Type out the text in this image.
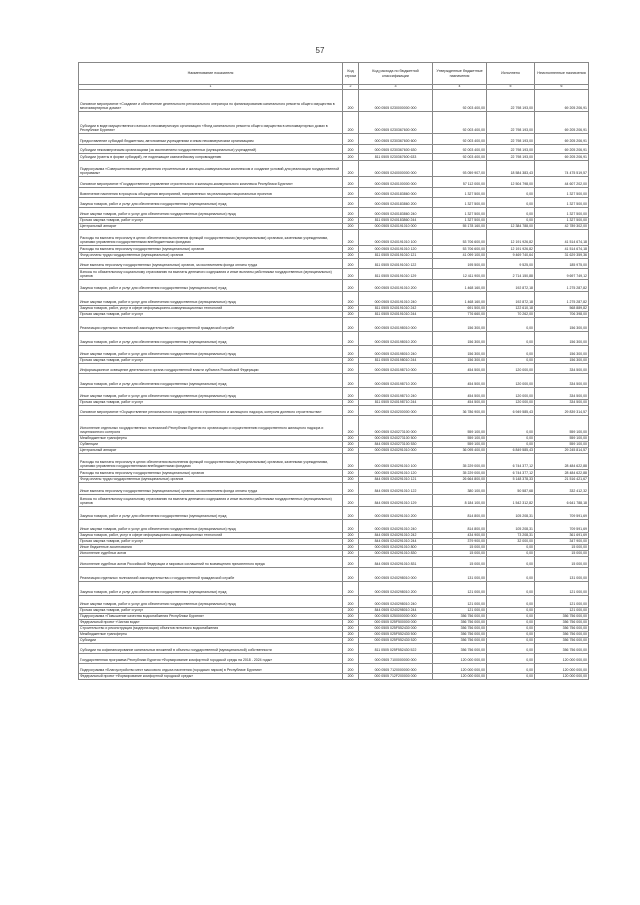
57
Наименование показателя	Код строки	Код расхода по бюджетной классификации	Утвержденные бюджетные назначения	Исполнено	Неисполненные назначения
1	2	3	4	5	6
Основное мероприятие «Создание и обеспечение деятельности регионального оператора по финансированию капитального ремонта общего имущества в многоквартирных домах»	200	000 0505 0230000000 000	92 003 400,00	22 798 193,00	69 205 206,91
Субсидии в виде имущественного взноса в некоммерческую организацию «Фонд капитального ремонта общего имущества в многоквартирных домах в Республике Бурятия»	200	000 0505 0230367600 000	92 003 400,00	22 798 193,00	69 205 206,91
Предоставление субсидий бюджетным, автономным учреждениям и иным некоммерческим организациям	200	000 0505 0230367600 600	92 003 400,00	22 798 193,00	69 205 206,91
Субсидии некоммерческим организациям (за исключением государственных (муниципальных) учреждений)	200	000 0505 0230367600 630	92 003 400,00	22 798 193,00	69 205 206,91
Субсидии (гранты в форме субсидий), не подлежащие казначейскому сопровождению	200	811 0505 0230367600 633	92 003 400,00	22 798 193,00	69 205 206,91
Подпрограмма «Совершенствование управления строительным и жилищно-коммунальным комплексом и создание условий для реализации государственной программы»	200	000 0505 0240000000 000	93 059 907,00	18 584 383,43	74 475 519,57
Основное мероприятие «Государственное управление строительного и жилищно-коммунального комплекса Республики Бурятия»	200	000 0505 0240100000 000	57 112 000,00	12 504 798,00	44 607 202,00
Вовлечение населения в процессы обсуждения мероприятий, направленных на реализацию национальных проектов	200	000 0505 0240183860 000	1 327 500,00	0,00	1 327 500,00
Закупка товаров, работ и услуг для обеспечения государственных (муниципальных) нужд	200	000 0505 0240183860 200	1 327 500,00	0,00	1 327 500,00
Иные закупки товаров, работ и услуг для обеспечения государственных (муниципальных) нужд	200	000 0505 0240183860 240	1 327 500,00	0,00	1 327 500,00
Прочая закупка товаров, работ и услуг	200	811 0505 0240183860 244	1 327 500,00	0,00	1 327 500,00
Центральный аппарат	200	000 0505 0240191010 000	55 178 160,00	12 384 788,00	42 789 302,00
Расходы на выплаты персоналу в целях обеспечения выполнения функций государственными (муниципальными) органами, казенными учреждениями, органами управления государственными внебюджетными фондами	200	000 0505 0240191010 100	53 706 600,00	12 191 926,82	41 514 674,18
Расходы на выплаты персоналу государственных (муниципальных) органов	200	000 0505 0240191010 120	53 706 600,00	12 191 926,82	41 514 674,18
Фонд оплаты труда государственных (муниципальных) органов	200	811 0505 0240191010 121	41 099 100,00	9 469 740,64	31 629 359,36
Иные выплаты персоналу государственных (муниципальных) органов, за исключением фонда оплаты труда	200	811 0505 0240191010 122	195 500,00	9 525,00	185 975,00
Взносы по обязательному социальному страхованию на выплаты денежного содержания и иные выплаты работникам государственных (муниципальных) органов	200	811 0505 0240191010 129	12 411 900,00	2 714 150,88	9 697 749,12
Закупка товаров, работ и услуг для обеспечения государственных (муниципальных) нужд	200	000 0505 0240191010 200	1 468 160,00	192 872,18	1 275 287,82
Иные закупки товаров, работ и услуг для обеспечения государственных (муниципальных) нужд	200	000 0505 0240191010 240	1 468 160,00	192 872,18	1 275 287,82
Закупка товаров, работ, услуг в сфере информационно-коммуникационных технологий	200	811 0505 0240191010 242	691 500,00	122 610,18	568 889,82
Прочая закупка товаров, работ и услуг	200	811 0505 0240191010 244	776 660,00	70 262,00	706 398,00
Реализация отдельных полномочий законодательства о государственной гражданской службе	200	000 0505 0240198010 000	156 300,00	0,00	156 300,00
Закупка товаров, работ и услуг для обеспечения государственных (муниципальных) нужд	200	000 0505 0240198010 200	156 300,00	0,00	156 300,00
Иные закупки товаров, работ и услуг для обеспечения государственных (муниципальных) нужд	200	000 0505 0240198010 240	156 300,00	0,00	156 300,00
Прочая закупка товаров, работ и услуг	200	811 0505 0240198010 244	156 300,00	0,00	156 300,00
Информационное освещение деятельности органа государственной власти субъекта Российской Федерации	200	000 0505 0240198710 000	454 500,00	120 000,00	334 500,00
Закупка товаров, работ и услуг для обеспечения государственных (муниципальных) нужд	200	000 0505 0240198710 200	454 500,00	120 000,00	334 500,00
Иные закупки товаров, работ и услуг для обеспечения государственных (муниципальных) нужд	200	000 0505 0240198710 240	454 500,00	120 000,00	334 500,00
Прочая закупка товаров, работ и услуг	200	811 0505 0240198710 244	454 500,00	120 000,00	334 500,00
Основное мероприятие «Осуществление регионального государственного строительного и жилищного надзора, контроля долевого строительства»	200	000 0505 0240200000 000	36 786 900,00	6 949 585,43	29 839 314,57
Исполнение отдельных государственных полномочий Республики Бурятия по организации и осуществлению государственного жилищного надзора и лицензионного контроля	200	000 0505 0240273100 000	559 100,00	0,00	559 100,00
Межбюджетные трансферты	200	000 0505 0240273100 500	559 100,00	0,00	559 100,00
Субвенции	200	844 0505 0240273100 530	559 100,00	0,00	559 100,00
Центральный аппарат	200	000 0505 0240291010 000	36 095 400,00	6 849 585,43	29 245 814,57
Расходы на выплаты персоналу в целях обеспечения выполнения функций государственными (муниципальными) органами, казенными учреждениями, органами управления государственными внебюджетными фондами	200	000 0505 0240291010 100	35 229 000,00	6 744 377,12	28 484 622,88
Расходы на выплаты персоналу государственных (муниципальных) органов	200	000 0505 0240291010 120	35 229 000,00	6 744 377,12	28 484 622,88
Фонд оплаты труда государственных (муниципальных) органов	200	844 0505 0240291010 121	26 664 800,00	5 148 378,33	21 516 421,67
Иные выплаты персоналу государственных (муниципальных) органов, за исключением фонда оплаты труда	200	844 0505 0240291010 122	380 100,00	50 587,68	332 412,32
Взносы по обязательному социальному страхованию на выплаты денежного содержания и иные выплаты работникам государственных (муниципальных) органов	200	844 0505 0240291010 129	8 184 100,00	1 542 312,82	6 641 788,18
Закупка товаров, работ и услуг для обеспечения государственных (муниципальных) нужд	200	000 0505 0240291010 200	814 800,00	105 208,31	709 591,69
Иные закупки товаров, работ и услуг для обеспечения государственных (муниципальных) нужд	200	000 0505 0240291010 240	814 800,00	105 208,31	709 591,69
Закупка товаров, работ, услуг в сфере информационно-коммуникационных технологий	200	844 0505 0240291010 242	434 900,00	73 208,31	361 691,69
Прочая закупка товаров, работ и услуг	200	844 0505 0240291010 244	379 900,00	32 000,00	347 900,00
Иные бюджетные ассигнования	200	000 0505 0240291010 800	15 000,00	0,00	15 000,00
Исполнение судебных актов	200	000 0505 0240291010 830	15 000,00	0,00	15 000,00
Исполнение судебных актов Российской Федерации и мировых соглашений по возмещению причиненного вреда	200	844 0505 0240291010 831	15 000,00	0,00	15 000,00
Реализация отдельных полномочий законодательства о государственной гражданской службе	200	000 0505 0240298010 000	131 000,00	0,00	131 000,00
Закупка товаров, работ и услуг для обеспечения государственных (муниципальных) нужд	200	000 0505 0240298010 200	121 000,00	0,00	121 000,00
Иные закупки товаров, работ и услуг для обеспечения государственных (муниципальных) нужд	200	000 0505 0240298010 240	121 000,00	0,00	121 000,00
Прочая закупка товаров, работ и услуг	200	844 0505 0240298010 244	121 000,00	0,00	121 000,00
Подпрограмма «Повышение качества водоснабжения Республики Бурятия»	200	000 0505 0250000000 000	356 756 000,00	0,00	356 756 000,00
Федеральный проект «Чистая вода»	200	000 0505 025F500000 000	356 756 000,00	0,00	356 756 000,00
Строительство и реконструкция (модернизация) объектов питьевого водоснабжения	200	000 0505 025F552430 000	356 756 000,00	0,00	356 756 000,00
Межбюджетные трансферты	200	000 0505 025F552430 500	356 756 000,00	0,00	356 756 000,00
Субсидии	200	000 0505 025F552430 520	356 756 000,00	0,00	356 756 000,00
Субсидии на софинансирование капитальных вложений в объекты государственной (муниципальной) собственности	200	811 0505 025F552430 522	356 756 000,00	0,00	356 756 000,00
Государственная программа Республики Бурятия «Формирование комфортной городской среды на 2018 - 2024 годы»	200	000 0505 7100000000 000	120 000 000,00	0,00	120 000 000,00
Подпрограмма «Благоустройство мест массового отдыха населения (городских парков) в Республике Бурятия»	200	000 0505 7120000000 000	120 000 000,00	0,00	120 000 000,00
Федеральный проект «Формирование комфортной городской среды»	200	000 0505 712F200000 000	120 000 000,00	0,00	120 000 000,00
